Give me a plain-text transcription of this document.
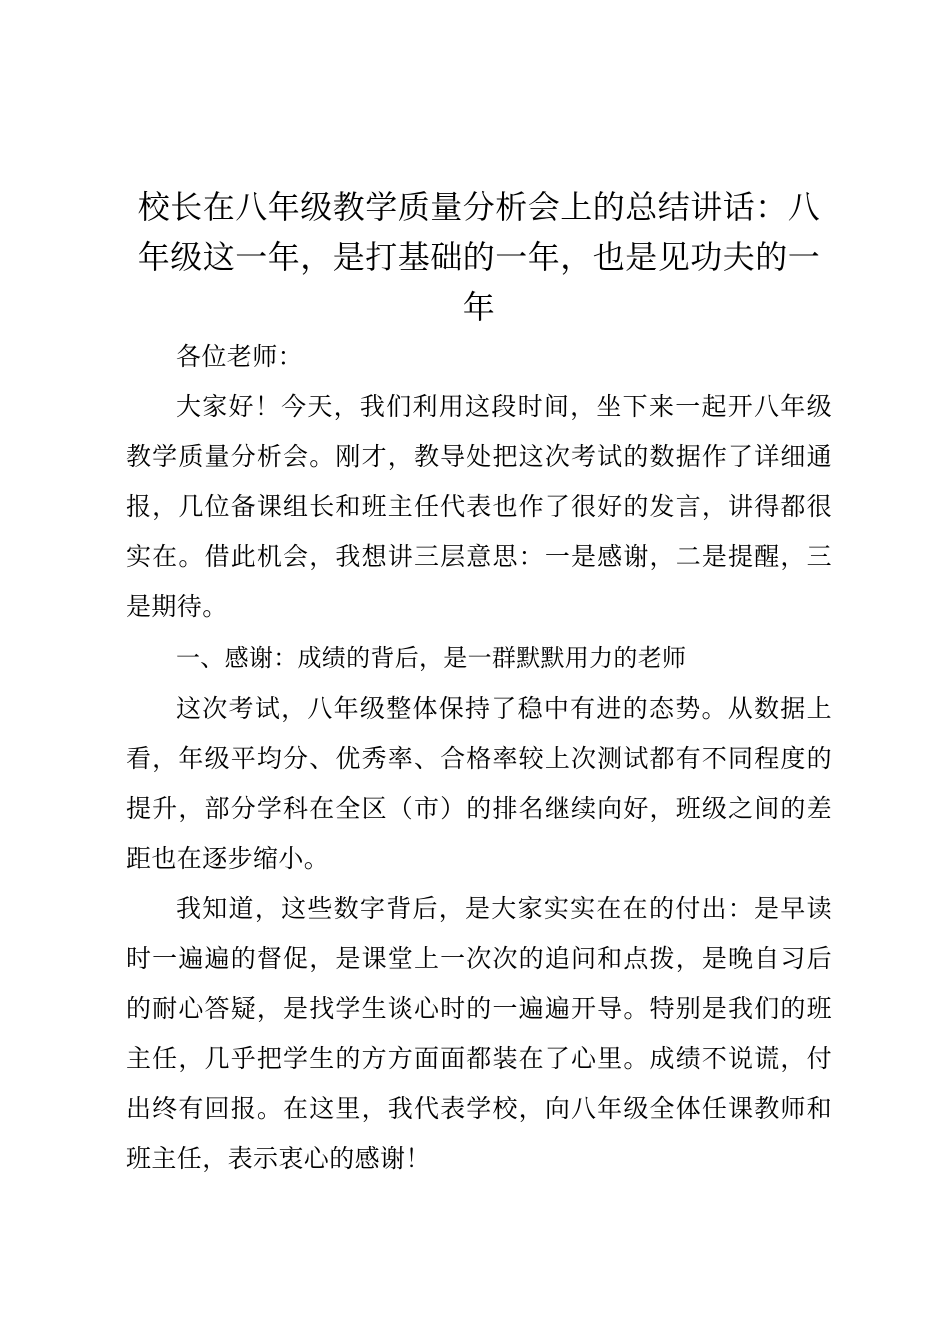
校长在八年级教学质量分析会上的总结讲话：八年级这一年，是打基础的一年，也是见功夫的一年

各位老师：

大家好！今天，我们利用这段时间，坐下来一起开八年级教学质量分析会。刚才，教导处把这次考试的数据作了详细通报，几位备课组长和班主任代表也作了很好的发言，讲得都很实在。借此机会，我想讲三层意思：一是感谢，二是提醒，三是期待。

一、感谢：成绩的背后，是一群默默用力的老师

这次考试，八年级整体保持了稳中有进的态势。从数据上看，年级平均分、优秀率、合格率较上次测试都有不同程度的提升，部分学科在全区（市）的排名继续向好，班级之间的差距也在逐步缩小。

我知道，这些数字背后，是大家实实在在的付出：是早读时一遍遍的督促，是课堂上一次次的追问和点拨，是晚自习后的耐心答疑，是找学生谈心时的一遍遍开导。特别是我们的班主任，几乎把学生的方方面面都装在了心里。成绩不说谎，付出终有回报。在这里，我代表学校，向八年级全体任课教师和班主任，表示衷心的感谢！
